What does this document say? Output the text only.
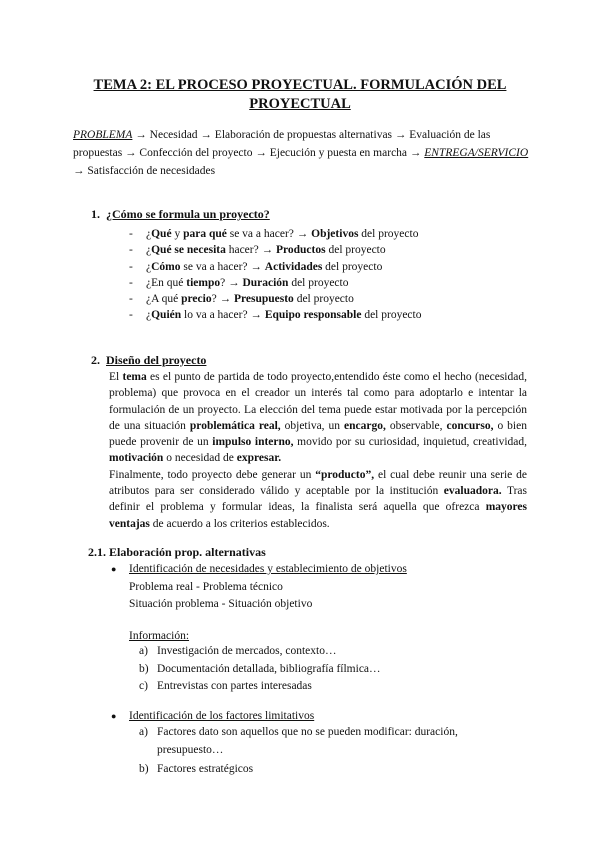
TEMA 2: EL PROCESO PROYECTUAL. FORMULACIÓN DEL
PROYECTUAL
PROBLEMA → Necesidad → Elaboración de propuestas alternativas → Evaluación de las propuestas → Confección del proyecto → Ejecución y puesta en marcha → ENTREGA/SERVICIO → Satisfacción de necesidades
1. ¿Cómo se formula un proyecto?
-	¿Qué y para qué se va a hacer? → Objetivos del proyecto
-	¿Qué se necesita hacer? → Productos del proyecto
-	¿Cómo se va a hacer? → Actividades del proyecto
-	¿En qué tiempo? → Duración del proyecto
-	¿A qué precio? → Presupuesto del proyecto
-	¿Quién lo va a hacer? → Equipo responsable del proyecto
2. Diseño del proyecto

El tema es el punto de partida de todo proyecto,entendido éste como el hecho (necesidad, problema) que provoca en el creador un interés tal como para adoptarlo e intentar la formulación de un proyecto. La elección del tema puede estar motivada por la percepción de una situación problemática real, objetiva, un encargo, observable, concurso, o bien puede provenir de un impulso interno, movido por su curiosidad, inquietud, creatividad, motivación o necesidad de expresar.

Finalmente, todo proyecto debe generar un “producto”, el cual debe reunir una serie de atributos para ser considerado válido y aceptable por la institución evaluadora. Tras definir el problema y formular ideas, la finalista será aquella que ofrezca mayores ventajas de acuerdo a los criterios establecidos.

2.1. Elaboración prop. alternativas
●	Identificación de necesidades y establecimiento de objetivos
Problema real - Problema técnico
Situación problema - Situación objetivo
Información:
a) Investigación de mercados, contexto…
b) Documentación detallada, bibliografía fílmica…
c) Entrevistas con partes interesadas
●	Identificación de los factores limitativos
a) Factores dato son aquellos que no se pueden modificar: duración, presupuesto…
b) Factores estratégicos
